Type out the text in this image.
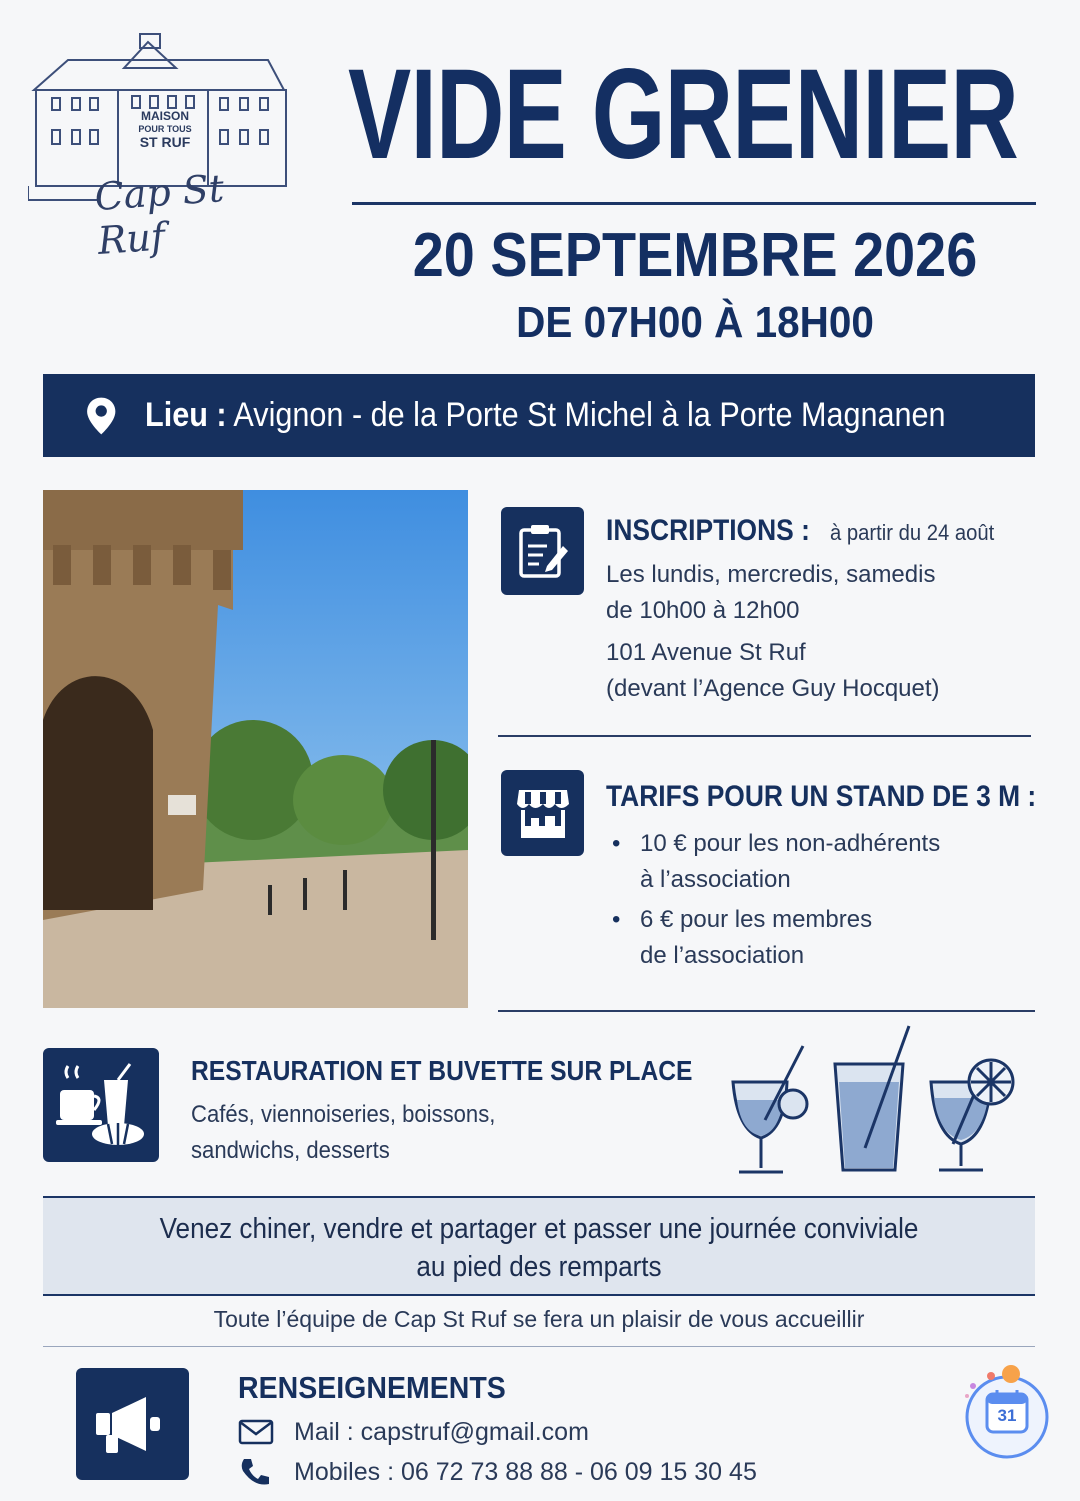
MAISON
POUR TOUS
ST RUF
Cap St Ruf
VIDE GRENIER
20 SEPTEMBRE 2026
DE 07H00 À 18H00
Lieu : Avignon - de la Porte St Michel à la Porte Magnanen
INSCRIPTIONS : à partir du 24 août
Les lundis, mercredis, samedis
de 10h00 à 12h00
101 Avenue St Ruf
(devant l’Agence Guy Hocquet)
TARIFS POUR UN STAND DE 3 M :
• 10 € pour les non-adhérents
à l’association
• 6 € pour les membres
de l’association
RESTAURATION ET BUVETTE SUR PLACE
Cafés, viennoiseries, boissons,
sandwichs, desserts
Venez chiner, vendre et partager et passer une journée conviviale
au pied des remparts
Toute l’équipe de Cap St Ruf se fera un plaisir de vous accueillir
RENSEIGNEMENTS
Mail : capstruf@gmail.com
Mobiles : 06 72 73 88 88 - 06 09 15 30 45
31
